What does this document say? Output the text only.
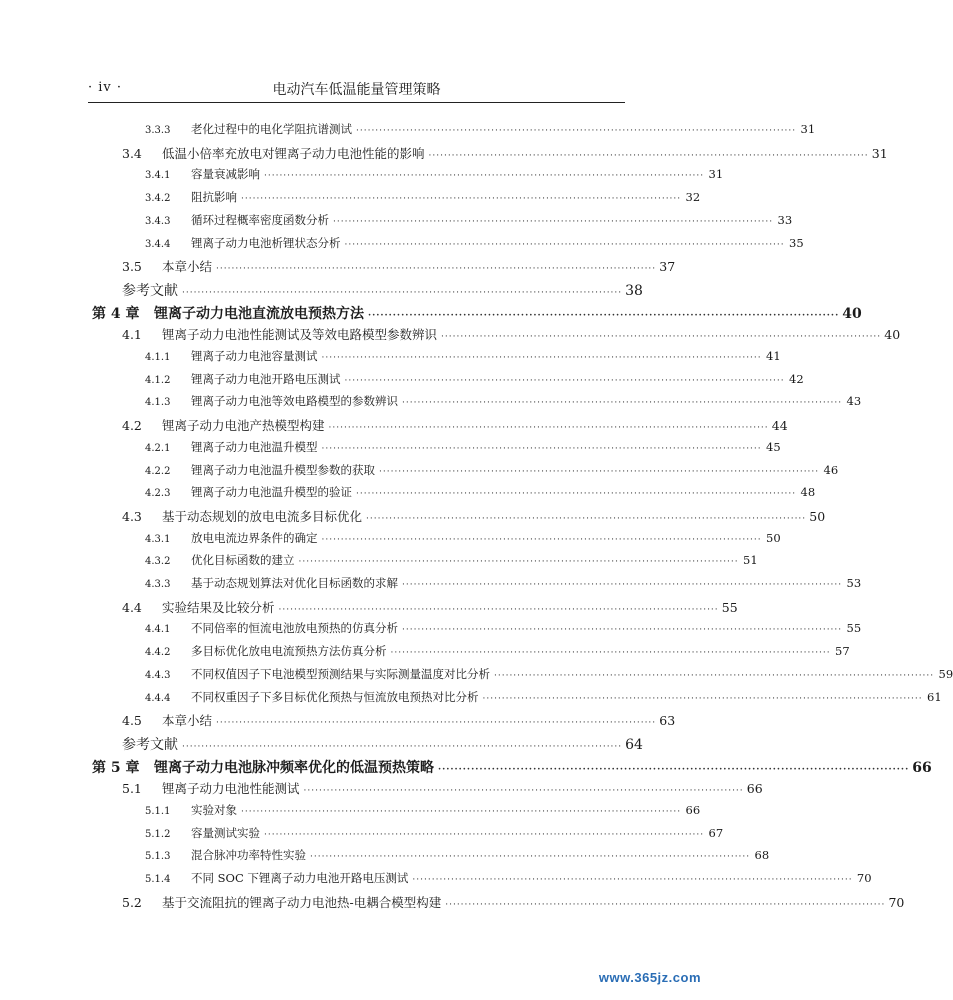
· iv ·	电动汽车低温能量管理策略
3.3.3	老化过程中的电化学阻抗谱测试 ·················································································································· 31
3.4	低温小倍率充放电对锂离子动力电池性能的影响 ·················································································································· 31
3.4.1	容量衰减影响 ·················································································································· 31
3.4.2	阻抗影响 ·················································································································· 32
3.4.3	循环过程概率密度函数分析 ·················································································································· 33
3.4.4	锂离子动力电池析锂状态分析 ·················································································································· 35
3.5	本章小结 ·················································································································· 37
参考文献 ·················································································································· 38
第 4 章	锂离子动力电池直流放电预热方法 ·················································································································· 40
4.1	锂离子动力电池性能测试及等效电路模型参数辨识 ·················································································································· 40
4.1.1	锂离子动力电池容量测试 ·················································································································· 41
4.1.2	锂离子动力电池开路电压测试 ·················································································································· 42
4.1.3	锂离子动力电池等效电路模型的参数辨识 ·················································································································· 43
4.2	锂离子动力电池产热模型构建 ·················································································································· 44
4.2.1	锂离子动力电池温升模型 ·················································································································· 45
4.2.2	锂离子动力电池温升模型参数的获取 ·················································································································· 46
4.2.3	锂离子动力电池温升模型的验证 ·················································································································· 48
4.3	基于动态规划的放电电流多目标优化 ·················································································································· 50
4.3.1	放电电流边界条件的确定 ·················································································································· 50
4.3.2	优化目标函数的建立 ·················································································································· 51
4.3.3	基于动态规划算法对优化目标函数的求解 ·················································································································· 53
4.4	实验结果及比较分析 ·················································································································· 55
4.4.1	不同倍率的恒流电池放电预热的仿真分析 ·················································································································· 55
4.4.2	多目标优化放电电流预热方法仿真分析 ·················································································································· 57
4.4.3	不同权值因子下电池模型预测结果与实际测量温度对比分析 ·················································································································· 59
4.4.4	不同权重因子下多目标优化预热与恒流放电预热对比分析 ·················································································································· 61
4.5	本章小结 ·················································································································· 63
参考文献 ·················································································································· 64
第 5 章	锂离子动力电池脉冲频率优化的低温预热策略 ·················································································································· 66
5.1	锂离子动力电池性能测试 ·················································································································· 66
5.1.1	实验对象 ·················································································································· 66
5.1.2	容量测试实验 ·················································································································· 67
5.1.3	混合脉冲功率特性实验 ·················································································································· 68
5.1.4	不同 SOC 下锂离子动力电池开路电压测试 ·················································································································· 70
5.2	基于交流阻抗的锂离子动力电池热-电耦合模型构建 ·················································································································· 70
www.365jz.com
